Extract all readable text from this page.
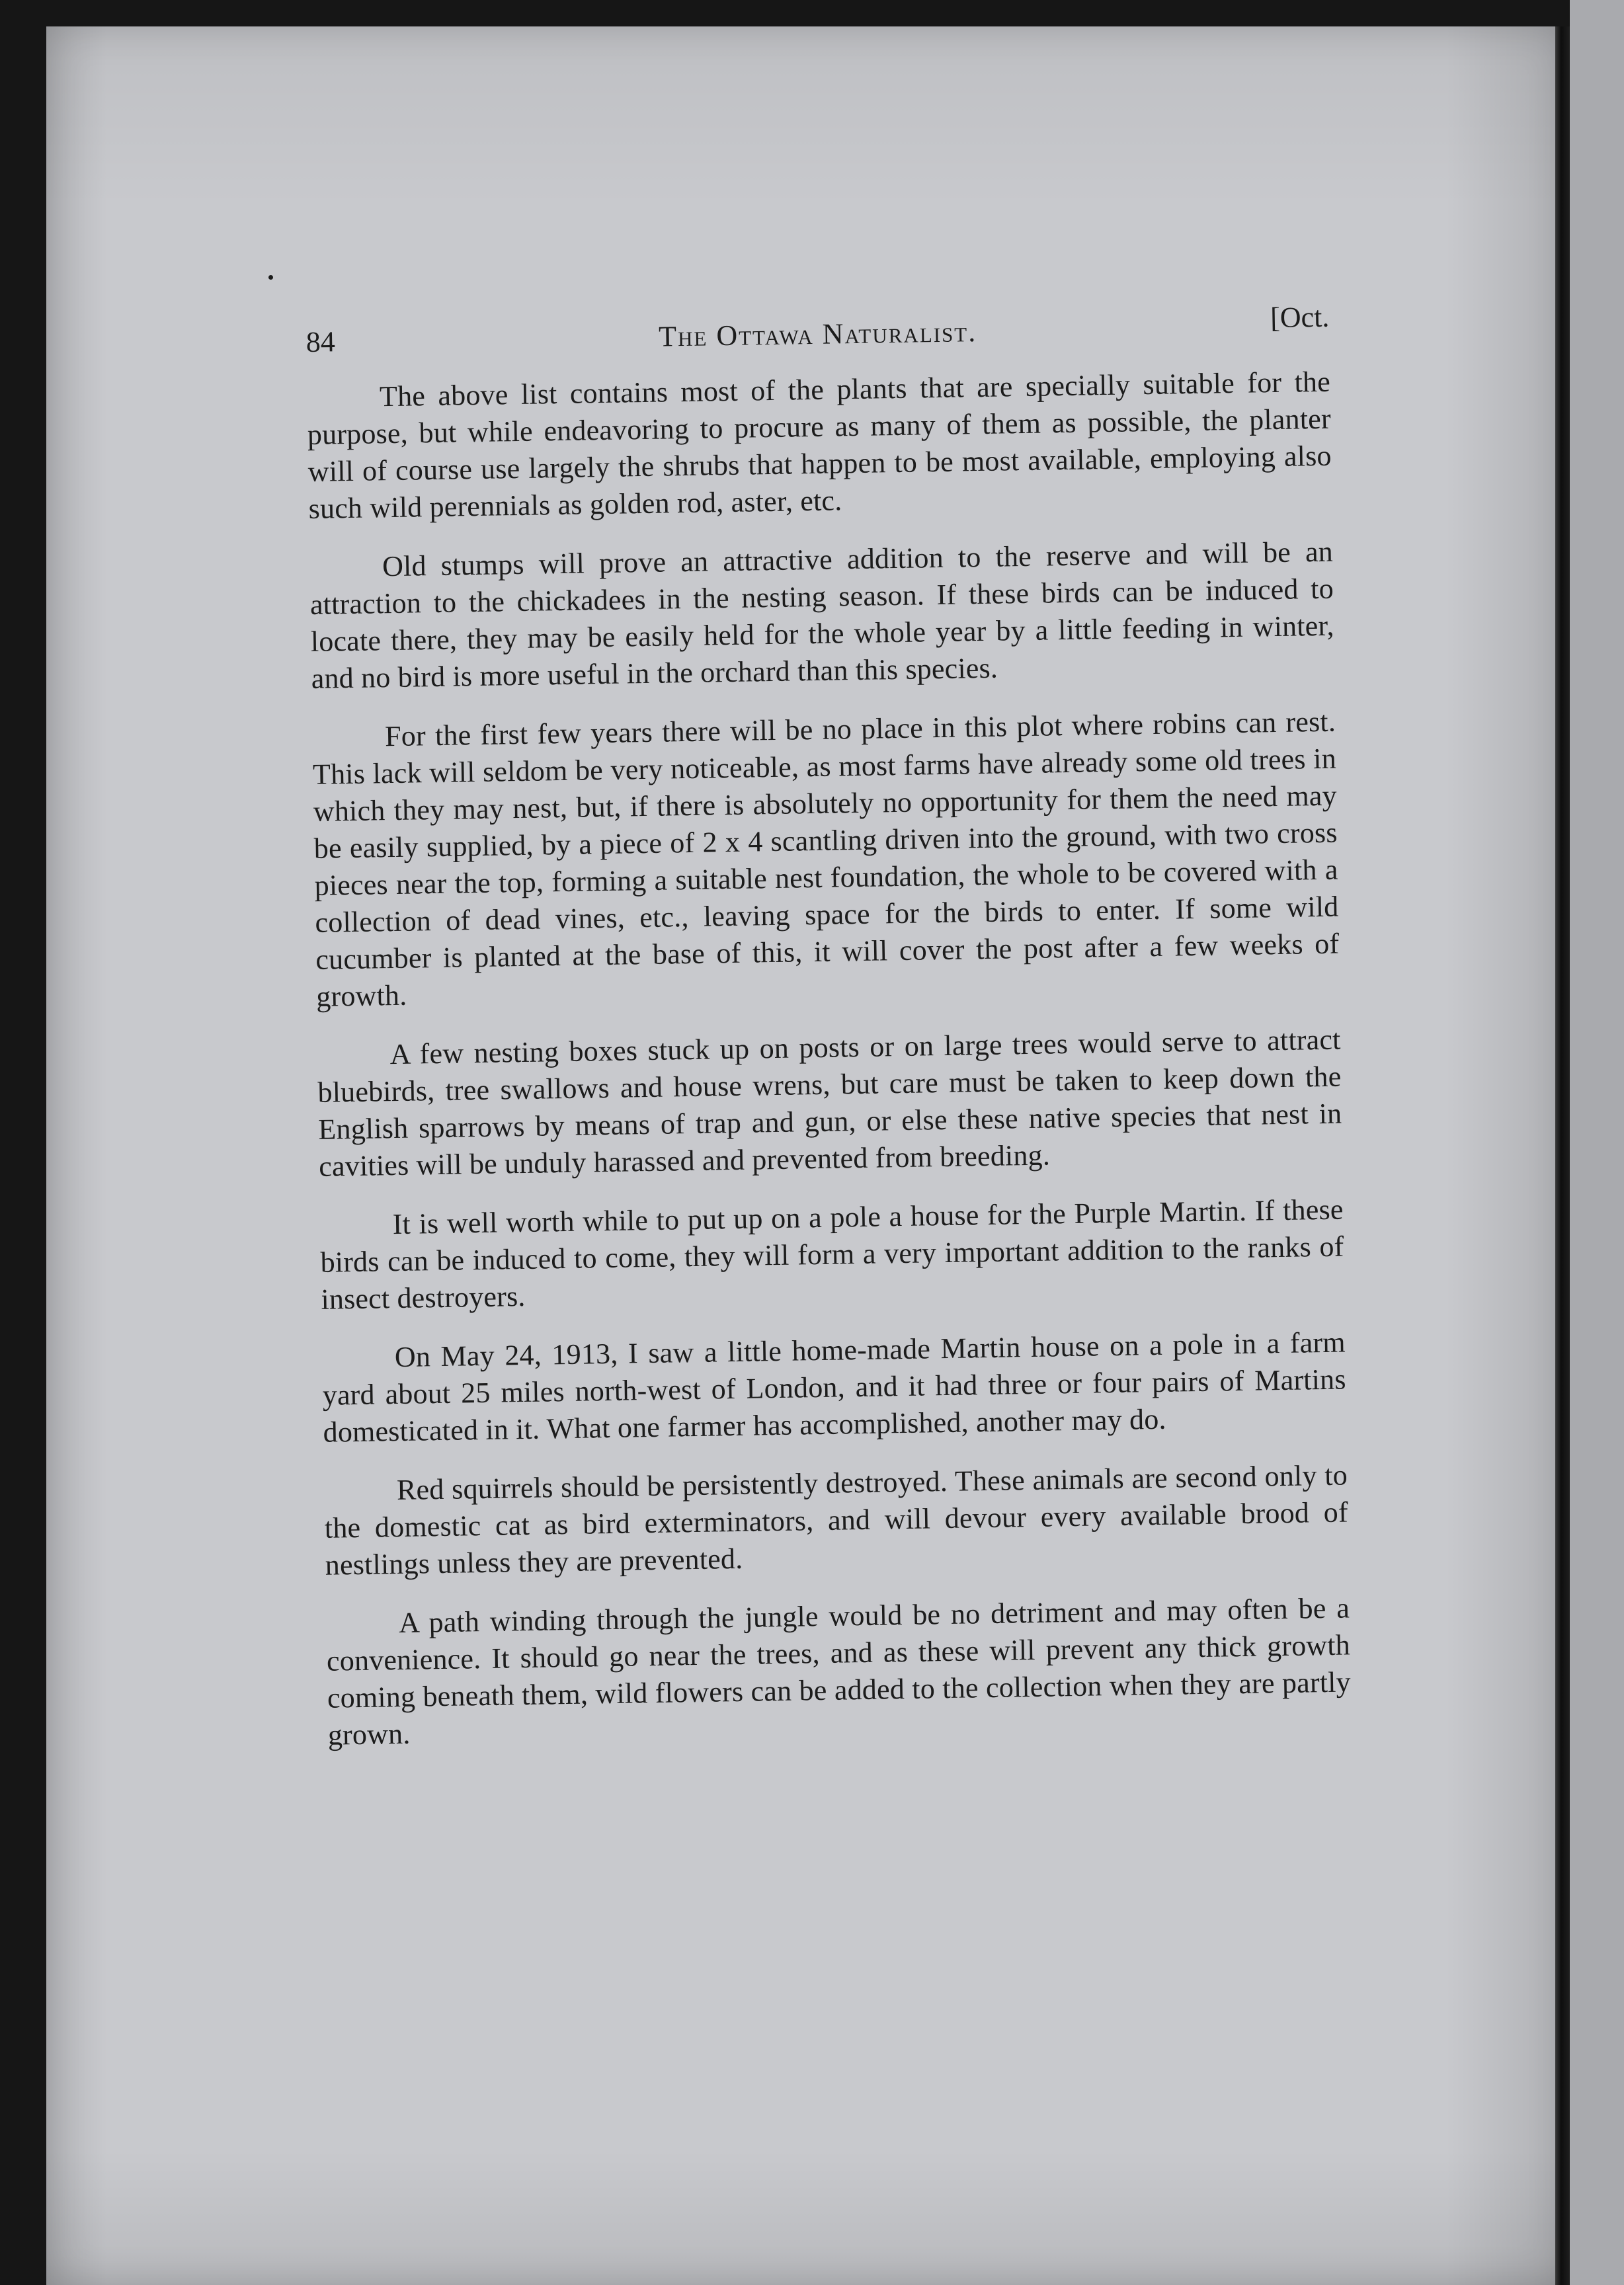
84	The Ottawa Naturalist.	[Oct.

The above list contains most of the plants that are specially suitable for the purpose, but while endeavoring to procure as many of them as possible, the planter will of course use largely the shrubs that happen to be most available, employing also such wild perennials as golden rod, aster, etc.

Old stumps will prove an attractive addition to the reserve and will be an attraction to the chickadees in the nesting season. If these birds can be induced to locate there, they may be easily held for the whole year by a little feeding in winter, and no bird is more useful in the orchard than this species.

For the first few years there will be no place in this plot where robins can rest. This lack will seldom be very noticeable, as most farms have already some old trees in which they may nest, but, if there is absolutely no opportunity for them the need may be easily supplied, by a piece of 2 x 4 scantling driven into the ground, with two cross pieces near the top, forming a suitable nest foundation, the whole to be covered with a collection of dead vines, etc., leaving space for the birds to enter. If some wild cucumber is planted at the base of this, it will cover the post after a few weeks of growth.

A few nesting boxes stuck up on posts or on large trees would serve to attract bluebirds, tree swallows and house wrens, but care must be taken to keep down the English sparrows by means of trap and gun, or else these native species that nest in cavities will be unduly harassed and prevented from breeding.

It is well worth while to put up on a pole a house for the Purple Martin. If these birds can be induced to come, they will form a very important addition to the ranks of insect destroyers.

On May 24, 1913, I saw a little home-made Martin house on a pole in a farm yard about 25 miles north-west of London, and it had three or four pairs of Martins domesticated in it. What one farmer has accomplished, another may do.

Red squirrels should be persistently destroyed. These animals are second only to the domestic cat as bird exterminators, and will devour every available brood of nestlings unless they are prevented.

A path winding through the jungle would be no detriment and may often be a convenience. It should go near the trees, and as these will prevent any thick growth coming beneath them, wild flowers can be added to the collection when they are partly grown.
